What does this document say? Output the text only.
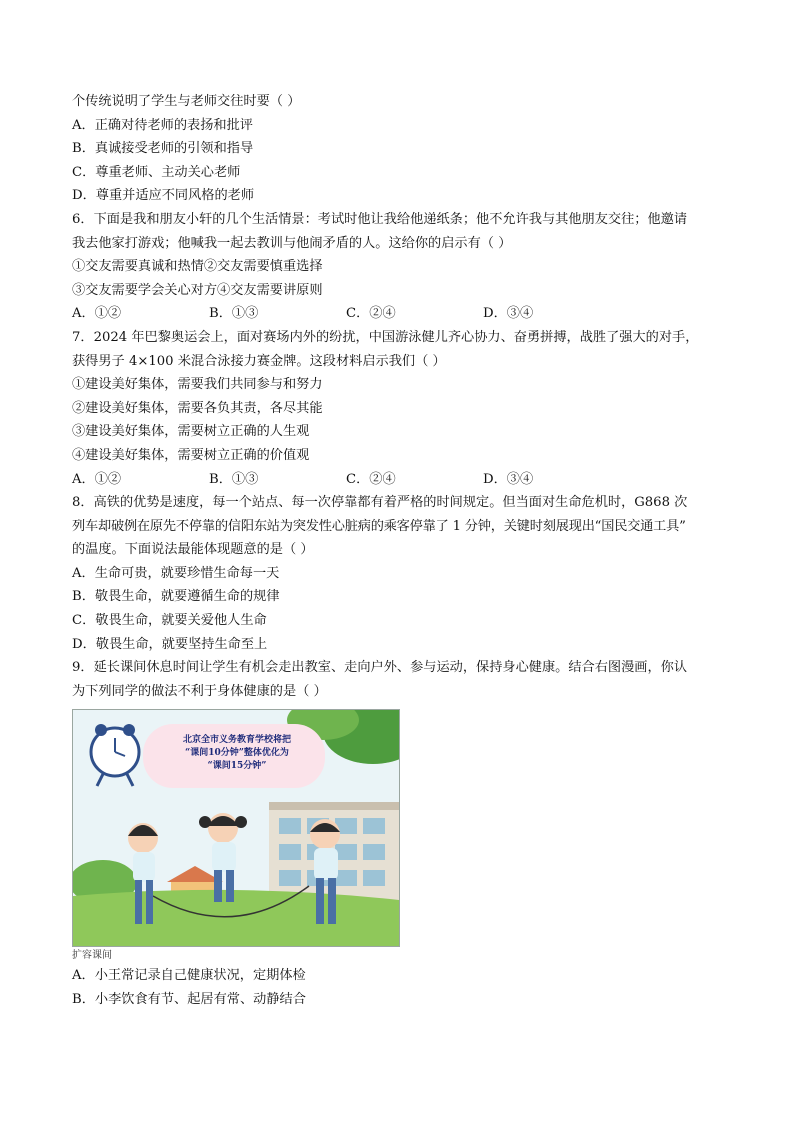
个传统说明了学生与老师交往时要（ ）
A．正确对待老师的表扬和批评
B．真诚接受老师的引领和指导
C．尊重老师、主动关心老师
D．尊重并适应不同风格的老师
6．下面是我和朋友小轩的几个生活情景：考试时他让我给他递纸条；他不允许我与其他朋友交往；他邀请
我去他家打游戏；他喊我一起去教训与他闹矛盾的人。这给你的启示有（ ）
①交友需要真诚和热情②交友需要慎重选择
③交友需要学会关心对方④交友需要讲原则
A．①②	B．①③	C．②④	D．③④
7．2024 年巴黎奥运会上，面对赛场内外的纷扰，中国游泳健儿齐心协力、奋勇拼搏，战胜了强大的对手，
获得男子 4×100 米混合泳接力赛金牌。这段材料启示我们（ ）
①建设美好集体，需要我们共同参与和努力
②建设美好集体，需要各负其责，各尽其能
③建设美好集体，需要树立正确的人生观
④建设美好集体，需要树立正确的价值观
A．①②	B．①③	C．②④	D．③④
8．高铁的优势是速度，每一个站点、每一次停靠都有着严格的时间规定。但当面对生命危机时，G868 次
列车却破例在原先不停靠的信阳东站为突发性心脏病的乘客停靠了 1 分钟，关键时刻展现出“国民交通工具”
的温度。下面说法最能体现题意的是（ ）
A．生命可贵，就要珍惜生命每一天
B．敬畏生命，就要遵循生命的规律
C．敬畏生命，就要关爱他人生命
D．敬畏生命，就要坚持生命至上
9．延长课间休息时间让学生有机会走出教室、走向户外、参与运动，保持身心健康。结合右图漫画，你认
为下列同学的做法不利于身体健康的是（ ）
北京全市义务教育学校将把
“课间10分钟”整体优化为
“课间15分钟”
扩容课间
A．小王常记录自己健康状况，定期体检
B．小李饮食有节、起居有常、动静结合
